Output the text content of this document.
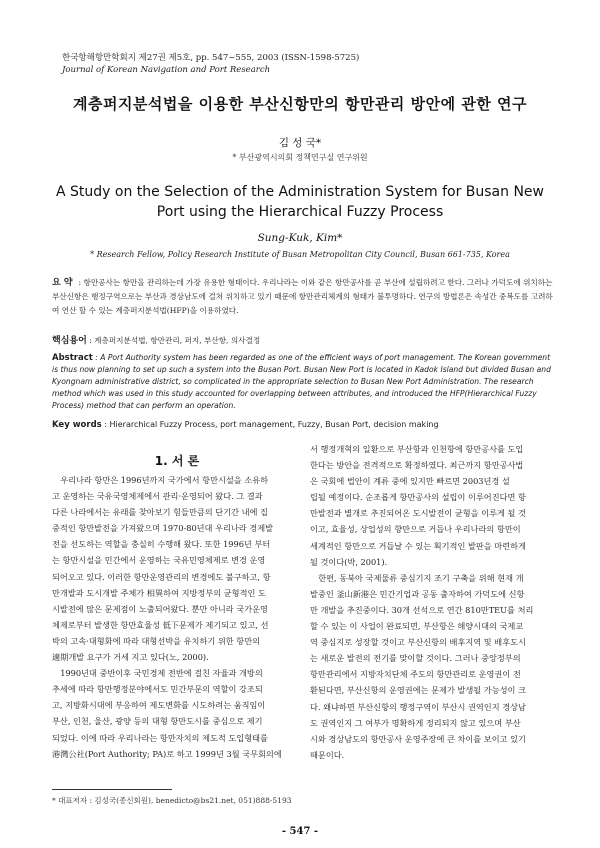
한국항해항만학회지 제27권 제5호, pp. 547~555, 2003 (ISSN-1598-5725)
Journal of Korean Navigation and Port Research
계층퍼지분석법을 이용한 부산신항만의 항만관리 방안에 관한 연구
김 성 국*
* 부산광역시의회 정책연구실 연구위원
A Study on the Selection of the Administration System for Busan New Port using the Hierarchical Fuzzy Process
Sung-Kuk, Kim*
* Research Fellow, Policy Research Institute of Busan Metropolitan City Council, Busan 661-735, Korea
요 약 : 항만공사는 항만을 관리하는데 가장 유용한 형태이다. 우리나라는 이와 같은 항만공사를 곧 부산에 설립하려고 한다. 그러나 가덕도에 위치하는 부산신항은 행정구역으로는 부산과 경상남도에 걸쳐 위치하고 있기 때문에 항만관리체계의 형태가 불투명하다. 연구의 방법론은 속성간 중복도를 고려하여 연산 할 수 있는 계층퍼지분석법(HFP)을 이용하였다.
핵심용어 : 계층퍼지분석법, 항만관리, 퍼지, 부산항, 의사결정
Abstract : A Port Authority system has been regarded as one of the efficient ways of port management. The Korean government is thus now planning to set up such a system into the Busan Port. Busan New Port is located in Kadok Island but divided Busan and Kyongnam administrative district, so complicated in the appropriate selection to Busan New Port Administration. The research method which was used in this study accounted for overlapping between attributes, and introduced the HFP(Hierarchical Fuzzy Process) method that can perform an operation.
Key words : Hierarchical Fuzzy Process, port management, Fuzzy, Busan Port, decision making
1. 서 론
우리나라 항만은 1996년까지 국가에서 항만시설을 소유하
고 운영하는 국유국영체제에서 관리·운영되어 왔다. 그 결과
다른 나라에서는 유래를 찾아보기 힘들만큼의 단기간 내에 집
중적인 항만발전을 가져왔으며 1970-80년대 우리나라 경제발
전을 선도하는 역할을 충실히 수행해 왔다. 또한 1996년 부터
는 항만시설을 민간에서 운영하는 국유민영체제로 변경 운영
되어오고 있다. 이러한 항만운영관리의 변경에도 불구하고, 항
만개발과 도시개발 주체가 相異하여 지방정부의 균형적인 도
시발전에 많은 문제점이 노출되어왔다. 뿐만 아니라 국가운영
체제로부터 발생한 항만효율성 低下문제가 제기되고 있고, 선
박의 고속·대형화에 따라 대형선박을 유치하기 위한 항만의
適期개발 요구가 거세 지고 있다(노, 2000).
1990년대 중반이후 국민경제 전반에 걸친 자율과 개방의
추세에 따라 항만행정분야에서도 민간부문의 역할이 강조되
고, 지방화시대에 부응하여 제도변화를 시도하려는 움직임이
부산, 인천, 울산, 광양 등의 대형 항만도시를 중심으로 제기
되었다. 이에 따라 우리나라는 항만자치의 제도적 도입형태를
港灣公社(Port Authority; PA)로 하고 1999년 3월 국무회의에
서 행정개혁의 일환으로 부산항과 인천항에 항만공사를 도입
한다는 방안을 전격적으로 확정하였다. 최근까지 항만공사법
은 국회에 법안이 계류 중에 있지만 빠르면 2003년경 설
립될 예정이다. 순조롭게 항만공사의 설립이 이루어진다면 항
만발전과 별개로 추진되어온 도시발전이 균형을 이루게 될 것
이고, 효율성, 상업성의 향만으로 거듭나 우리나라의 항만이
세계적인 항만으로 거듭날 수 있는 획기적인 발판을 마련하게
될 것이다(박, 2001).
한편, 동북아 국제물류 중심기지 조기 구축을 위해 현재 개
발중인 釜山新港은 민간기업과 공동 출자하여 가덕도에 신항
만 개발을 추진중이다. 30개 선석으로 연간 810만TEU를 처리
할 수 있는 이 사업이 완료되면, 부산항은 해양시대의 국제교
역 중심지로 성장할 것이고 부산신항의 배후지역 및 배후도시
는 새로운 발전의 전기를 맞이할 것이다. 그러나 중앙정부의
항만관리에서 지방자치단체 주도의 항만관리로 운영권이 전
환된다면, 부산신항의 운영권에는 문제가 발생될 가능성이 크
다. 왜냐하면 부산신항의 행정구역이 부산시 권역인지 경상남
도 권역인지 그 여부가 명확하게 정리되지 않고 있으며 부산
시와 경상남도의 항만공사 운영주장에 큰 차이를 보이고 있기
때문이다.
* 대표저자 : 김성국(종신회원), benedicto@bs21.net, 051)888-5193
- 547 -
